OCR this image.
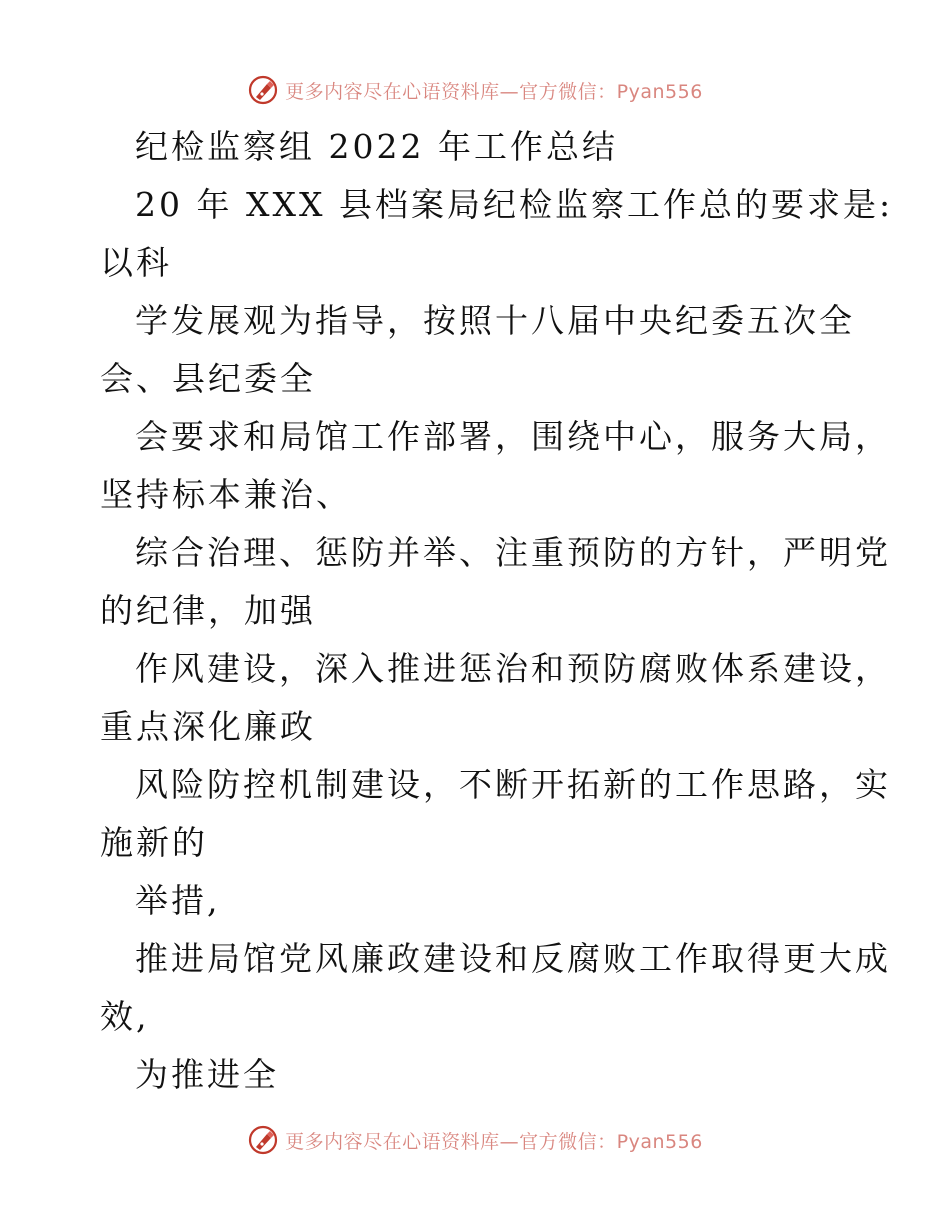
更多内容尽在心语资料库—官方微信：Pyan556
纪检监察组 2022 年工作总结
20 年 XXX 县档案局纪检监察工作总的要求是:
以科
学发展观为指导，按照十八届中央纪委五次全
会、县纪委全
会要求和局馆工作部署，围绕中心，服务大局，
坚持标本兼治、
综合治理、惩防并举、注重预防的方针，严明党
的纪律，加强
作风建设，深入推进惩治和预防腐败体系建设，
重点深化廉政
风险防控机制建设，不断开拓新的工作思路，实
施新的
举措,
推进局馆党风廉政建设和反腐败工作取得更大成
效,
为推进全
更多内容尽在心语资料库—官方微信：Pyan556
